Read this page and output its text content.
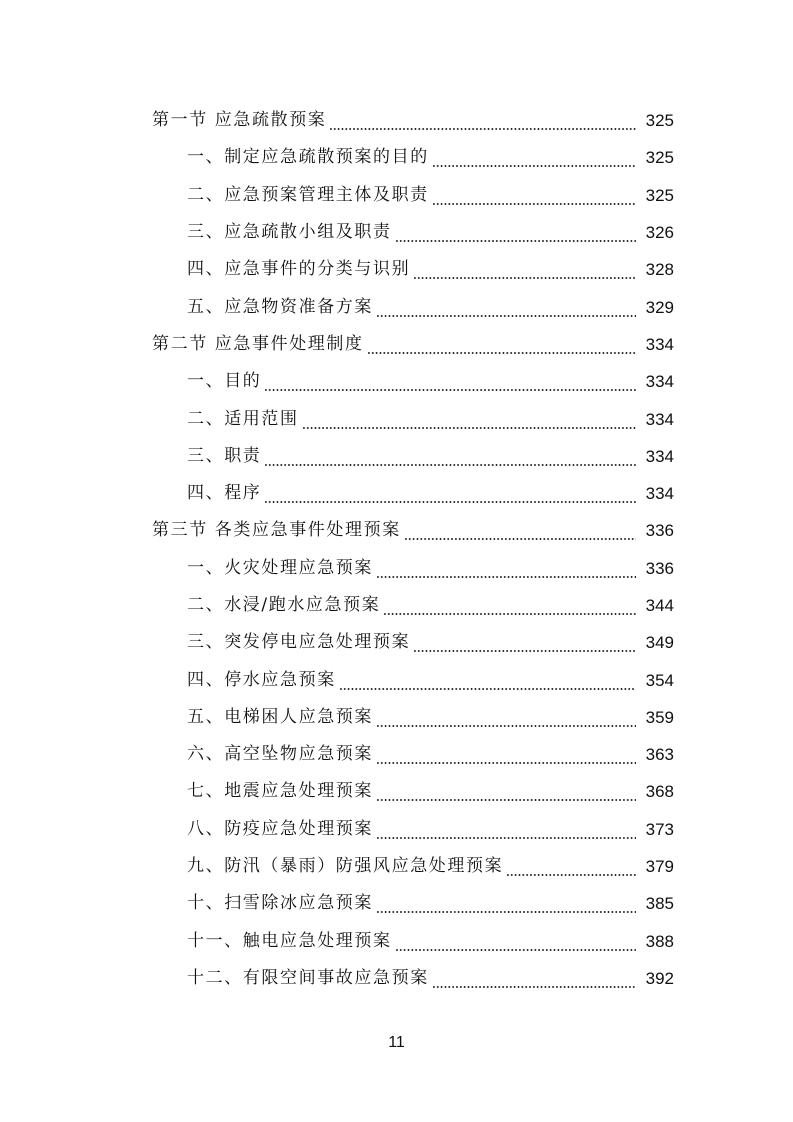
第一节 应急疏散预案	325
一、制定应急疏散预案的目的	325
二、应急预案管理主体及职责	325
三、应急疏散小组及职责	326
四、应急事件的分类与识别	328
五、应急物资准备方案	329
第二节 应急事件处理制度	334
一、目的	334
二、适用范围	334
三、职责	334
四、程序	334
第三节 各类应急事件处理预案	336
一、火灾处理应急预案	336
二、水浸/跑水应急预案	344
三、突发停电应急处理预案	349
四、停水应急预案	354
五、电梯困人应急预案	359
六、高空坠物应急预案	363
七、地震应急处理预案	368
八、防疫应急处理预案	373
九、防汛（暴雨）防强风应急处理预案	379
十、扫雪除冰应急预案	385
十一、触电应急处理预案	388
十二、有限空间事故应急预案	392
11
